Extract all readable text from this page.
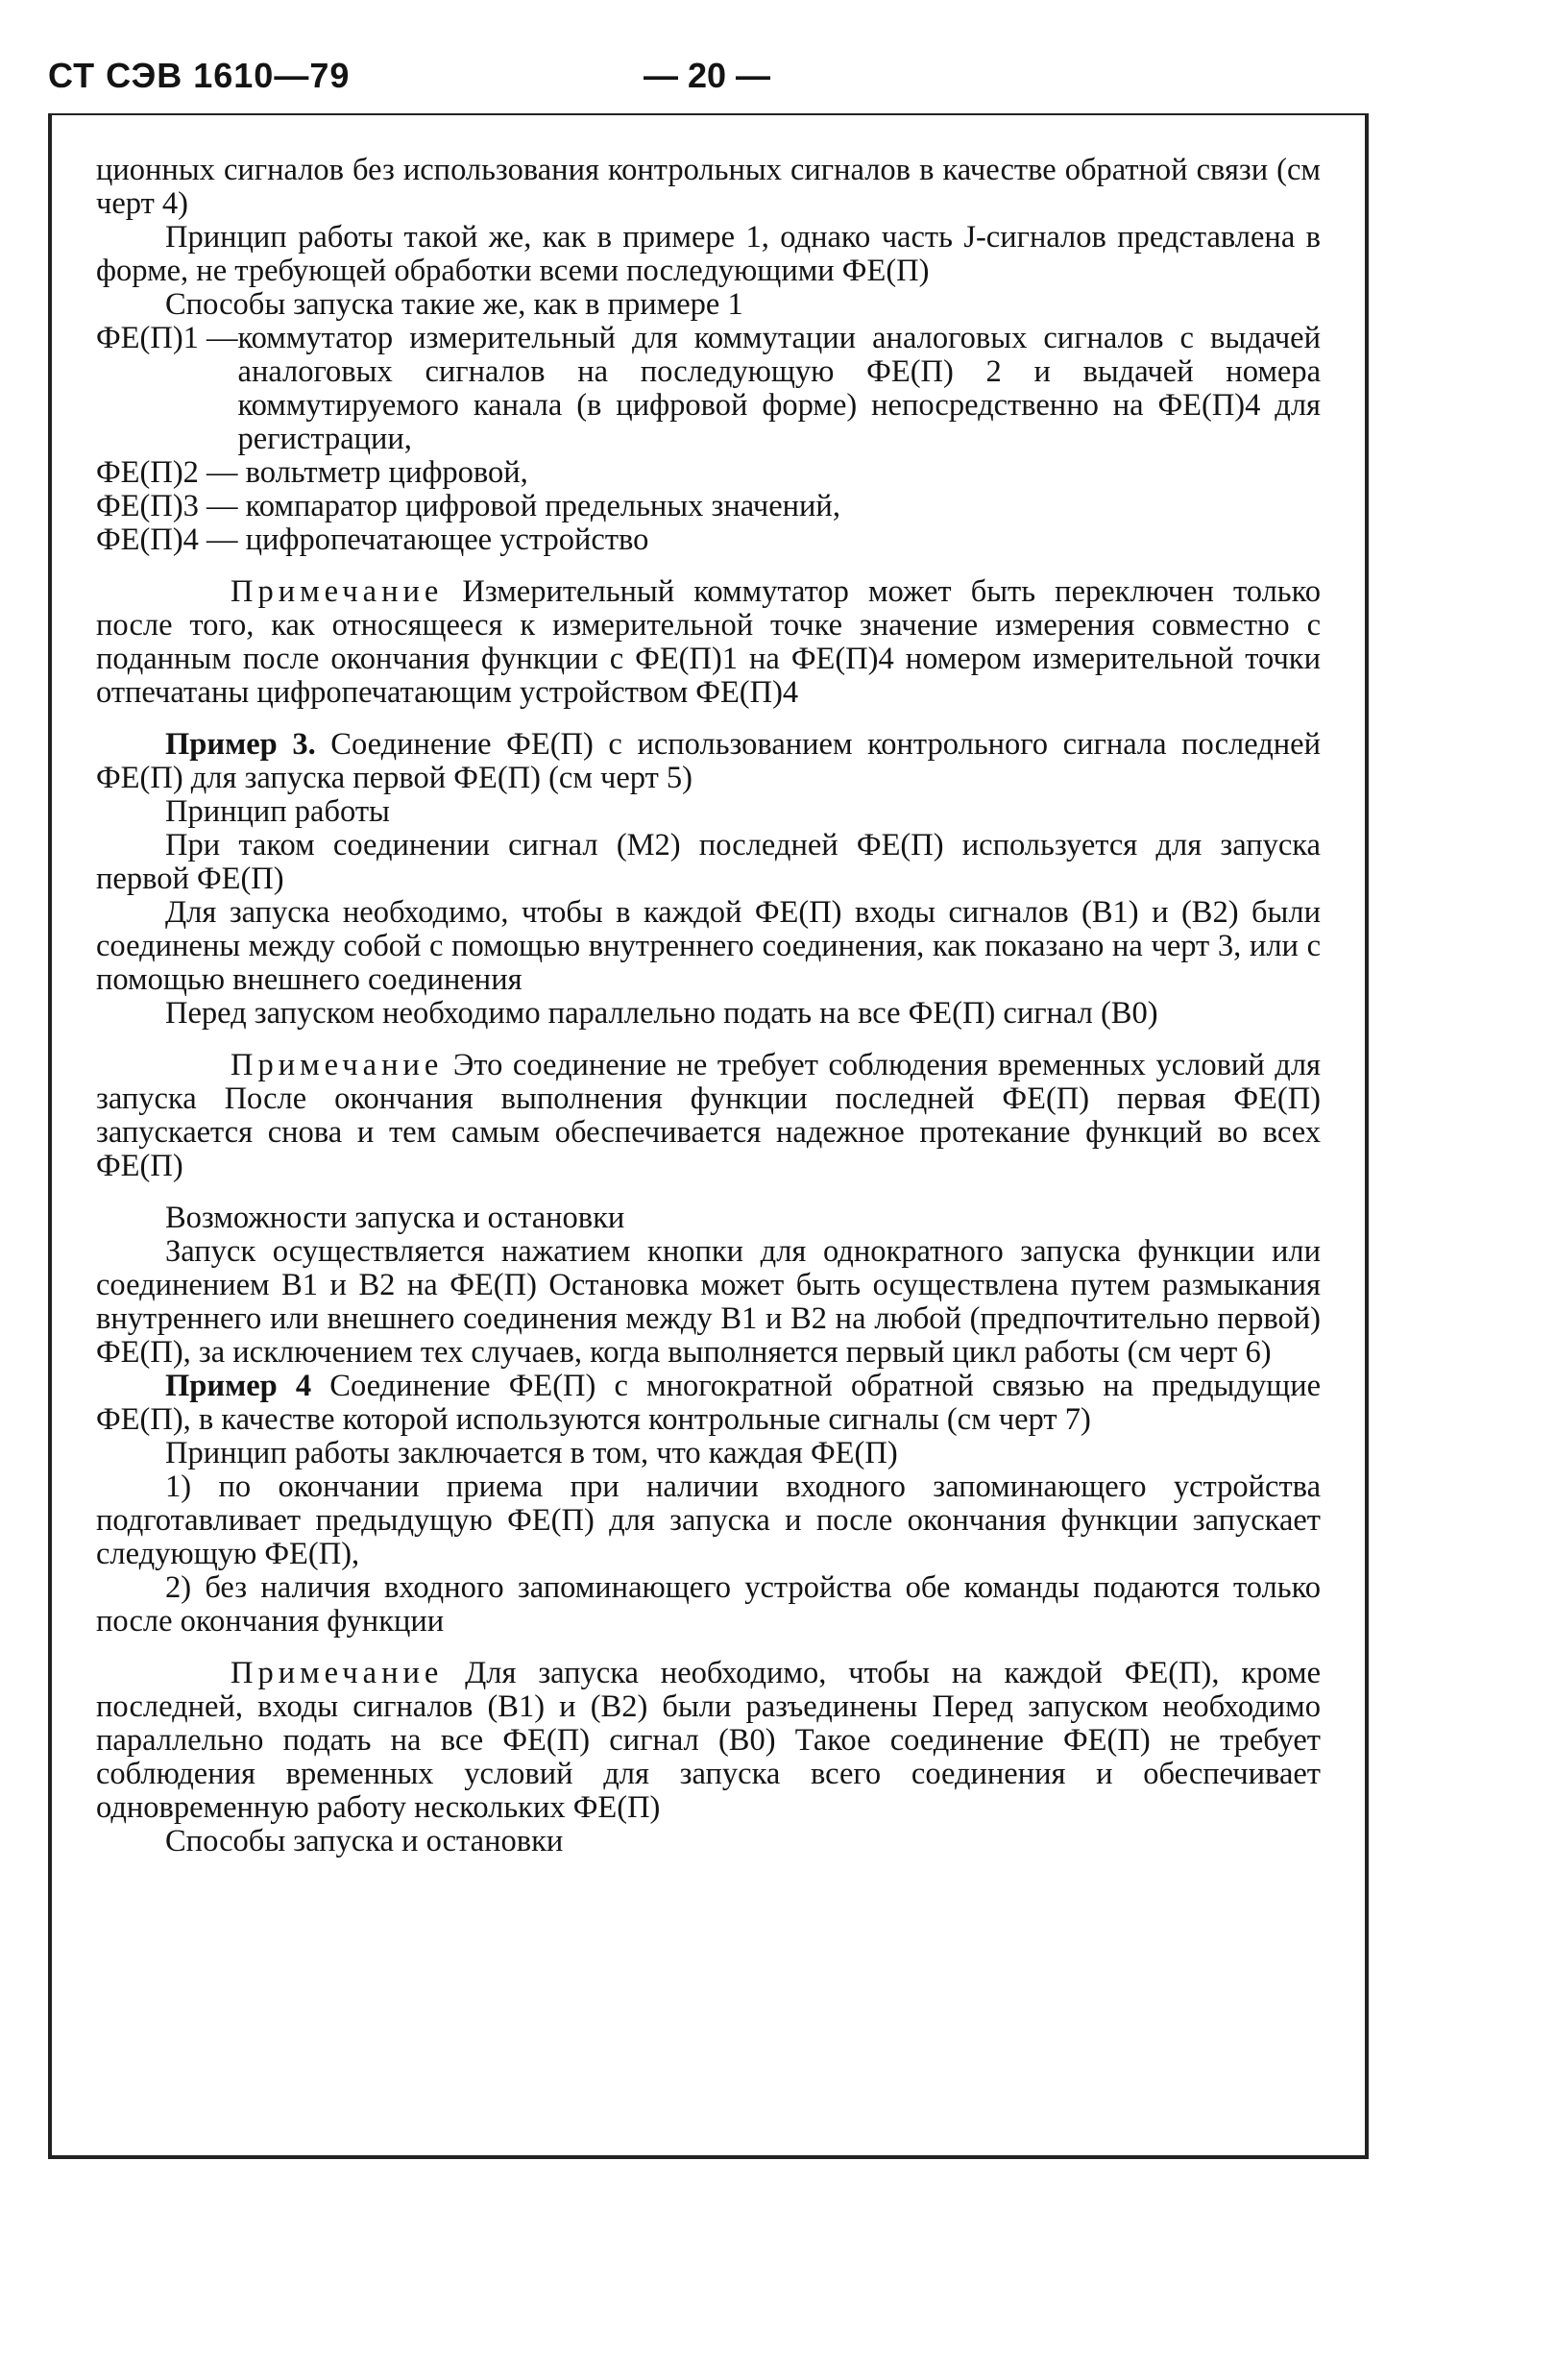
СТ СЭВ 1610—79	— 20 —

ционных сигналов без использования контрольных сигналов в качестве обратной связи (см черт 4)

Принцип работы такой же, как в примере 1, однако часть J-сигналов представлена в форме, не требующей обработки всеми последующими ФЕ(П)

Способы запуска такие же, как в примере 1

ФЕ(П)1 — коммутатор измерительный для коммутации аналоговых сигналов с выдачей аналоговых сигналов на последующую ФЕ(П) 2 и выдачей номера коммутируемого канала (в цифровой форме) непосредственно на ФЕ(П)4 для регистрации,

ФЕ(П)2 — вольтметр цифровой,

ФЕ(П)3 — компаратор цифровой предельных значений,

ФЕ(П)4 — цифропечатающее устройство

Примечание Измерительный коммутатор может быть переключен только после того, как относящееся к измерительной точке значение измерения совместно с поданным после окончания функции с ФЕ(П)1 на ФЕ(П)4 номером измерительной точки отпечатаны цифропечатающим устройством ФЕ(П)4

Пример 3. Соединение ФЕ(П) с использованием контрольного сигнала последней ФЕ(П) для запуска первой ФЕ(П) (см черт 5)

Принцип работы

При таком соединении сигнал (М2) последней ФЕ(П) используется для запуска первой ФЕ(П)

Для запуска необходимо, чтобы в каждой ФЕ(П) входы сигналов (В1) и (В2) были соединены между собой с помощью внутреннего соединения, как показано на черт 3, или с помощью внешнего соединения

Перед запуском необходимо параллельно подать на все ФЕ(П) сигнал (В0)

Примечание Это соединение не требует соблюдения временных условий для запуска После окончания выполнения функции последней ФЕ(П) первая ФЕ(П) запускается снова и тем самым обеспечивается надежное протекание функций во всех ФЕ(П)

Возможности запуска и остановки

Запуск осуществляется нажатием кнопки для однократного запуска функции или соединением В1 и В2 на ФЕ(П) Остановка может быть осуществлена путем размыкания внутреннего или внешнего соединения между В1 и В2 на любой (предпочтительно первой) ФЕ(П), за исключением тех случаев, когда выполняется первый цикл работы (см черт 6)

Пример 4 Соединение ФЕ(П) с многократной обратной связью на предыдущие ФЕ(П), в качестве которой используются контрольные сигналы (см черт 7)

Принцип работы заключается в том, что каждая ФЕ(П)

1) по окончании приема при наличии входного запоминающего устройства подготавливает предыдущую ФЕ(П) для запуска и после окончания функции запускает следующую ФЕ(П),

2) без наличия входного запоминающего устройства обе команды подаются только после окончания функции

Примечание Для запуска необходимо, чтобы на каждой ФЕ(П), кроме последней, входы сигналов (В1) и (В2) были разъединены Перед запуском необходимо параллельно подать на все ФЕ(П) сигнал (В0) Такое соединение ФЕ(П) не требует соблюдения временных условий для запуска всего соединения и обеспечивает одновременную работу нескольких ФЕ(П)

Способы запуска и остановки
